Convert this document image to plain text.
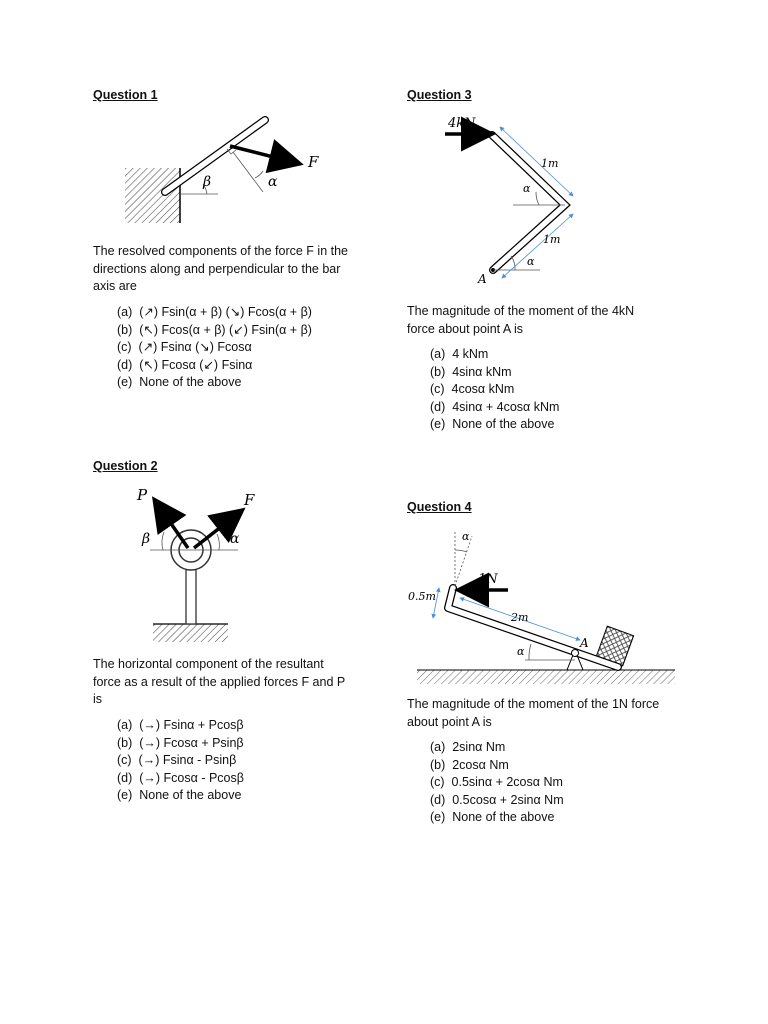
Question 1
F
β	α
The resolved components of the force F in the
directions along and perpendicular to the bar
axis are
(a) (↗) Fsin(α + β) (↘) Fcos(α + β)
(b) (↖) Fcos(α + β) (↙) Fsin(α + β)
(c) (↗) Fsinα (↘) Fcosα
(d) (↖) Fcosα (↙) Fsinα
(e) None of the above
Question 2
P	F
β	α
The horizontal component of the resultant
force as a result of the applied forces F and P
is
(a) (→) Fsinα + Pcosβ
(b) (→) Fcosα + Psinβ
(c) (→) Fsinα - Psinβ
(d) (→) Fcosα - Pcosβ
(e) None of the above
Question 3
4kN
1m
1m
α
α
A
The magnitude of the moment of the 4kN
force about point A is
(a) 4 kNm
(b) 4sinα kNm
(c) 4cosα kNm
(d) 4sinα + 4cosα kNm
(e) None of the above
Question 4
α
1N
0.5m
2m
α
A
The magnitude of the moment of the 1N force
about point A is
(a) 2sinα Nm
(b) 2cosα Nm
(c) 0.5sinα + 2cosα Nm
(d) 0.5cosα + 2sinα Nm
(e) None of the above
